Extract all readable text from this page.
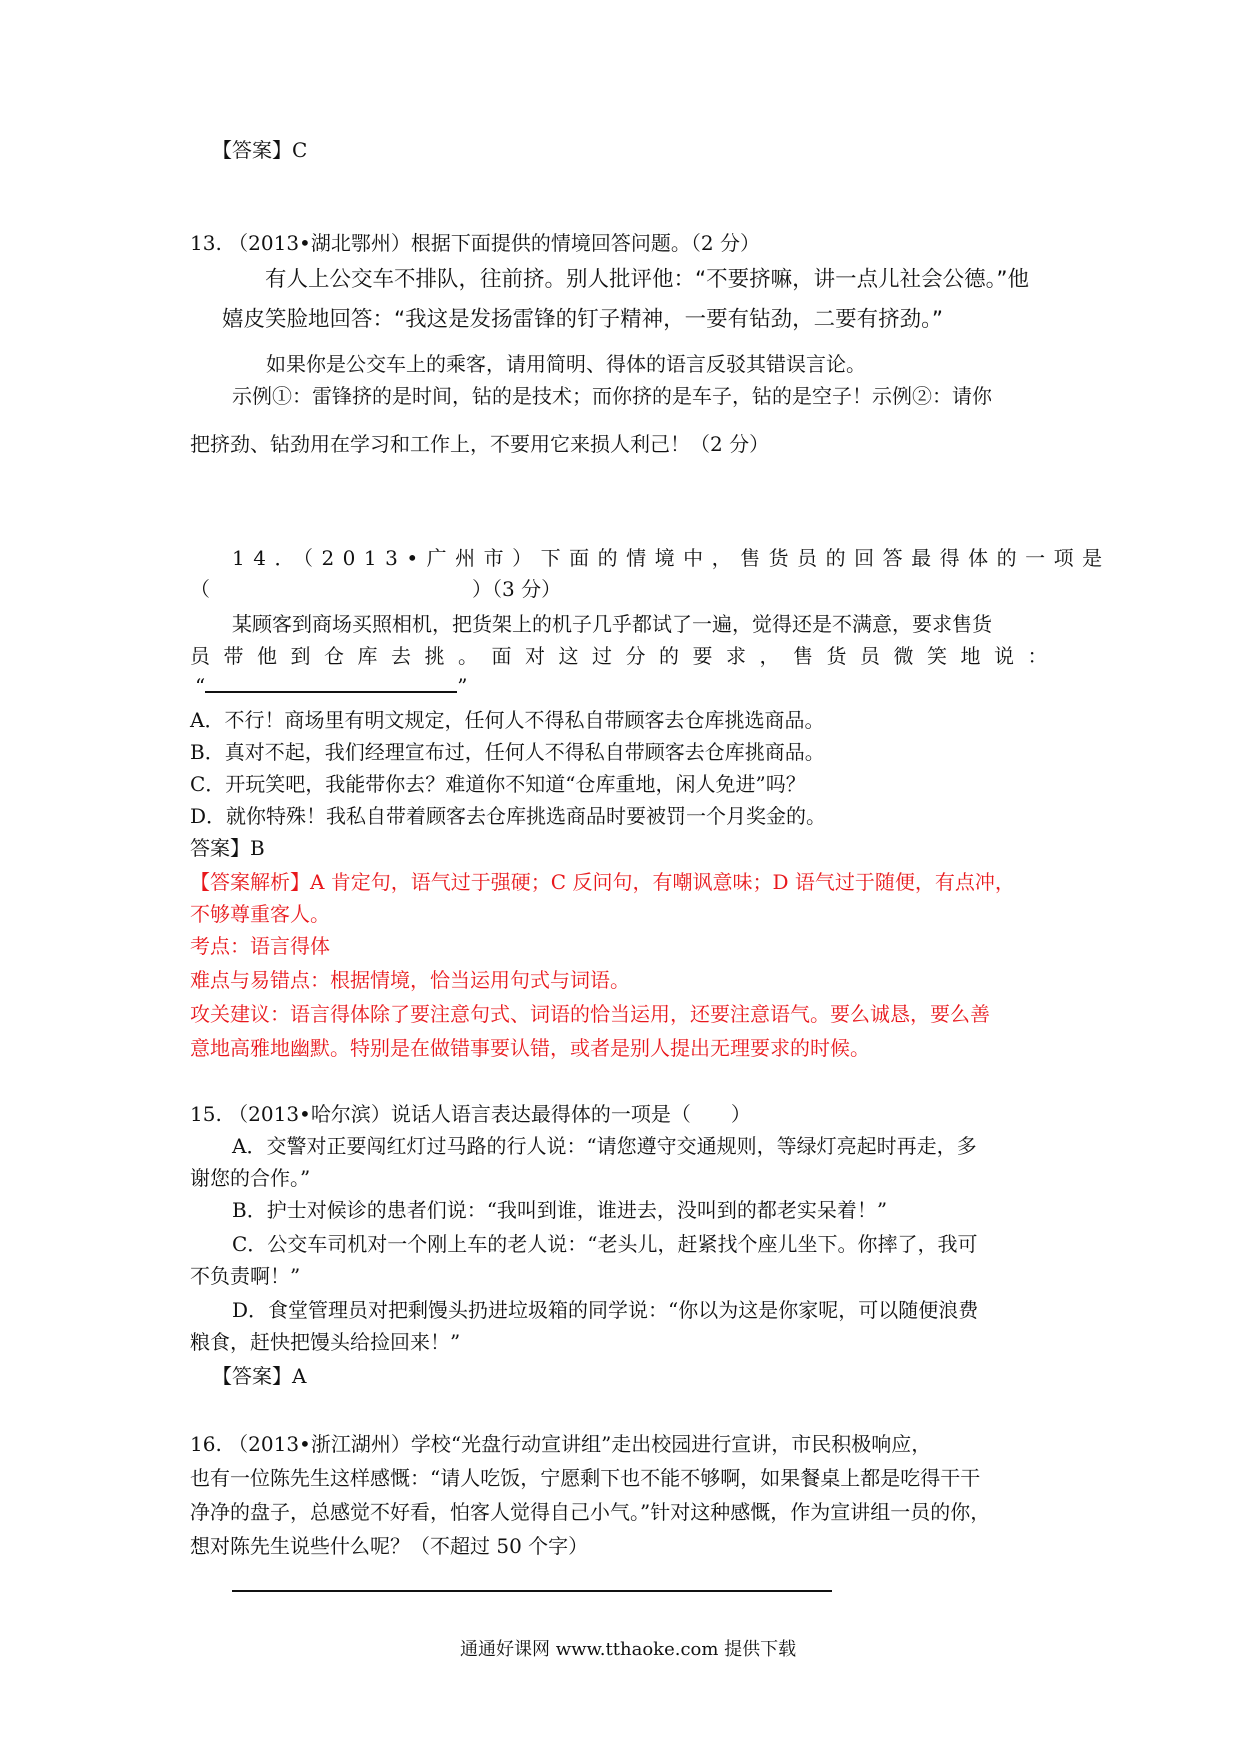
【答案】C
13. （2013•湖北鄂州）根据下面提供的情境回答问题。（2 分）
有人上公交车不排队，往前挤。别人批评他：“不要挤嘛，讲一点儿社会公德。”他
嬉皮笑脸地回答：“我这是发扬雷锋的钉子精神，一要有钻劲，二要有挤劲。”
如果你是公交车上的乘客，请用简明、得体的语言反驳其错误言论。
示例①：雷锋挤的是时间，钻的是技术；而你挤的是车子，钻的是空子！示例②：请你
把挤劲、钻劲用在学习和工作上，不要用它来损人利己！（2 分）
14．（2013•广州市）下面的情境中，售货员的回答最得体的一项是
（	）（3 分）
某顾客到商场买照相机，把货架上的机子几乎都试了一遍，觉得还是不满意，要求售货
员带他到仓库去挑。面对这过分的要求，售货员微笑地说：
“	”
A．不行！商场里有明文规定，任何人不得私自带顾客去仓库挑选商品。
B．真对不起，我们经理宣布过，任何人不得私自带顾客去仓库挑商品。
C．开玩笑吧，我能带你去？难道你不知道“仓库重地，闲人免进”吗？
D．就你特殊！我私自带着顾客去仓库挑选商品时要被罚一个月奖金的。
答案】B
【答案解析】A 肯定句，语气过于强硬；C 反问句，有嘲讽意味；D 语气过于随便，有点冲，
不够尊重客人。
考点：语言得体
难点与易错点：根据情境，恰当运用句式与词语。
攻关建议：语言得体除了要注意句式、词语的恰当运用，还要注意语气。要么诚恳，要么善
意地高雅地幽默。特别是在做错事要认错，或者是别人提出无理要求的时候。
15. （2013•哈尔滨）说话人语言表达最得体的一项是（　　）
A．交警对正要闯红灯过马路的行人说：“请您遵守交通规则，等绿灯亮起时再走，多
谢您的合作。”
B．护士对候诊的患者们说：“我叫到谁，谁进去，没叫到的都老实呆着！”
C．公交车司机对一个刚上车的老人说：“老头儿，赶紧找个座儿坐下。你摔了，我可
不负责啊！”
D．食堂管理员对把剩馒头扔进垃圾箱的同学说：“你以为这是你家呢，可以随便浪费
粮食，赶快把馒头给捡回来！”
【答案】A
16. （2013•浙江湖州）学校“光盘行动宣讲组”走出校园进行宣讲，市民积极响应，
也有一位陈先生这样感慨：“请人吃饭，宁愿剩下也不能不够啊，如果餐桌上都是吃得干干
净净的盘子，总感觉不好看，怕客人觉得自己小气。”针对这种感慨，作为宣讲组一员的你，
想对陈先生说些什么呢？（不超过 50 个字）
通通好课网 www.tthaoke.com 提供下载
